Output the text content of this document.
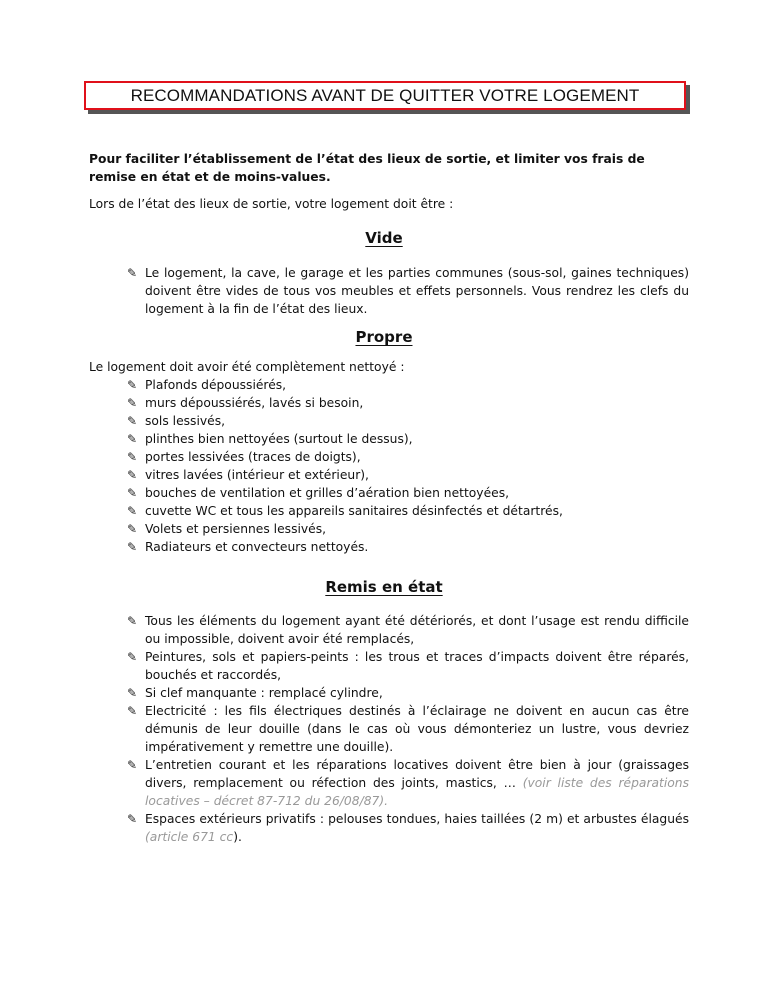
RECOMMANDATIONS AVANT DE QUITTER VOTRE LOGEMENT
Pour faciliter l’établissement de l’état des lieux de sortie, et limiter vos frais de remise en état et de moins-values.
Lors de l’état des lieux de sortie, votre logement doit être :
Vide
✎ Le logement, la cave, le garage et les parties communes (sous-sol, gaines techniques) doivent être vides de tous vos meubles et effets personnels. Vous rendrez les clefs du logement à la fin de l’état des lieux.
Propre
Le logement doit avoir été complètement nettoyé :
✎ Plafonds dépoussiérés,
✎ murs dépoussiérés, lavés si besoin,
✎ sols lessivés,
✎ plinthes bien nettoyées (surtout le dessus),
✎ portes lessivées (traces de doigts),
✎ vitres lavées (intérieur et extérieur),
✎ bouches de ventilation et grilles d’aération bien nettoyées,
✎ cuvette WC et tous les appareils sanitaires désinfectés et détartrés,
✎ Volets et persiennes lessivés,
✎ Radiateurs et convecteurs nettoyés.
Remis en état
✎ Tous les éléments du logement ayant été détériorés, et dont l’usage est rendu difficile ou impossible, doivent avoir été remplacés,
✎ Peintures, sols et papiers-peints : les trous et traces d’impacts doivent être réparés, bouchés et raccordés,
✎ Si clef manquante : remplacé cylindre,
✎ Electricité : les fils électriques destinés à l’éclairage ne doivent en aucun cas être démunis de leur douille (dans le cas où vous démonteriez un lustre, vous devriez impérativement y remettre une douille).
✎ L’entretien courant et les réparations locatives doivent être bien à jour (graissages divers, remplacement ou réfection des joints, mastics, … (voir liste des réparations locatives – décret 87-712 du 26/08/87).
✎ Espaces extérieurs privatifs : pelouses tondues, haies taillées (2 m) et arbustes élagués (article 671 cc).
